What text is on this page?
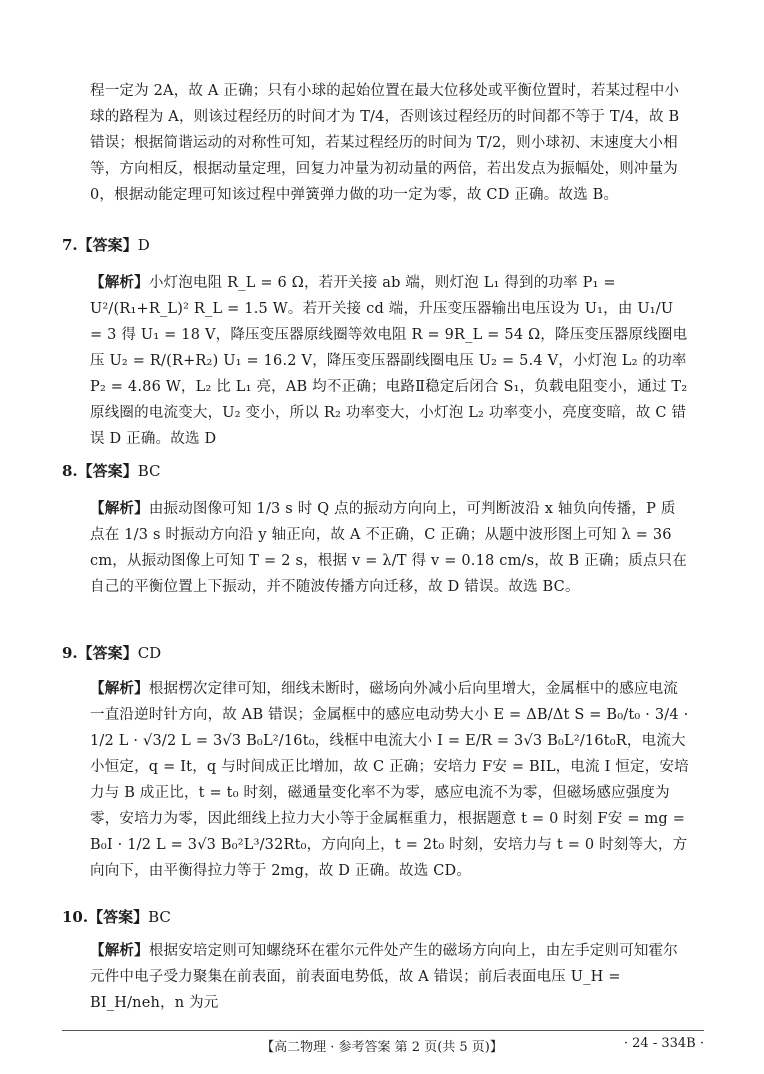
程一定为 2A，故 A 正确；只有小球的起始位置在最大位移处或平衡位置时，若某过程中小球的路程为 A，则该过程经历的时间才为 T/4，否则该过程经历的时间都不等于 T/4，故 B 错误；根据简谐运动的对称性可知，若某过程经历的时间为 T/2，则小球初、末速度大小相等，方向相反，根据动量定理，回复力冲量为初动量的两倍，若出发点为振幅处，则冲量为 0，根据动能定理可知该过程中弹簧弹力做的功一定为零，故 CD 正确。故选 B。
7.【答案】D
【解析】小灯泡电阻 R_L = 6 Ω，若开关接 ab 端，则灯泡 L₁ 得到的功率 P₁ = U²/(R₁+R_L)² R_L = 1.5 W。若开关接 cd 端，升压变压器输出电压设为 U₁，由 U₁/U = 3 得 U₁ = 18 V，降压变压器原线圈等效电阻 R = 9R_L = 54 Ω，降压变压器原线圈电压 U₂ = R/(R+R₂) U₁ = 16.2 V，降压变压器副线圈电压 U₂ = 5.4 V，小灯泡 L₂ 的功率 P₂ = 4.86 W，L₂ 比 L₁ 亮，AB 均不正确；电路Ⅱ稳定后闭合 S₁，负载电阻变小，通过 T₂ 原线圈的电流变大，U₂ 变小，所以 R₂ 功率变大，小灯泡 L₂ 功率变小，亮度变暗，故 C 错误 D 正确。故选 D
8.【答案】BC
【解析】由振动图像可知 1/3 s 时 Q 点的振动方向向上，可判断波沿 x 轴负向传播，P 质点在 1/3 s 时振动方向沿 y 轴正向，故 A 不正确，C 正确；从题中波形图上可知 λ = 36 cm，从振动图像上可知 T = 2 s，根据 v = λ/T 得 v = 0.18 cm/s，故 B 正确；质点只在自己的平衡位置上下振动，并不随波传播方向迁移，故 D 错误。故选 BC。
9.【答案】CD
【解析】根据楞次定律可知，细线未断时，磁场向外减小后向里增大，金属框中的感应电流一直沿逆时针方向，故 AB 错误；金属框中的感应电动势大小 E = ΔB/Δt S = B₀/t₀ · 3/4 · 1/2 L · √3/2 L = 3√3 B₀L²/16t₀，线框中电流大小 I = E/R = 3√3 B₀L²/16t₀R，电流大小恒定，q = It，q 与时间成正比增加，故 C 正确；安培力 F安 = BIL，电流 I 恒定，安培力与 B 成正比，t = t₀ 时刻，磁通量变化率不为零，感应电流不为零，但磁场感应强度为零，安培力为零，因此细线上拉力大小等于金属框重力，根据题意 t = 0 时刻 F安 = mg = B₀I · 1/2 L = 3√3 B₀²L³/32Rt₀，方向向上，t = 2t₀ 时刻，安培力与 t = 0 时刻等大，方向向下，由平衡得拉力等于 2mg，故 D 正确。故选 CD。
10.【答案】BC
【解析】根据安培定则可知螺绕环在霍尔元件处产生的磁场方向向上，由左手定则可知霍尔元件中电子受力聚集在前表面，前表面电势低，故 A 错误；前后表面电压 U_H = BI_H/neh，n 为元
【高二物理 · 参考答案 第 2 页(共 5 页)】	· 24 - 334B ·
